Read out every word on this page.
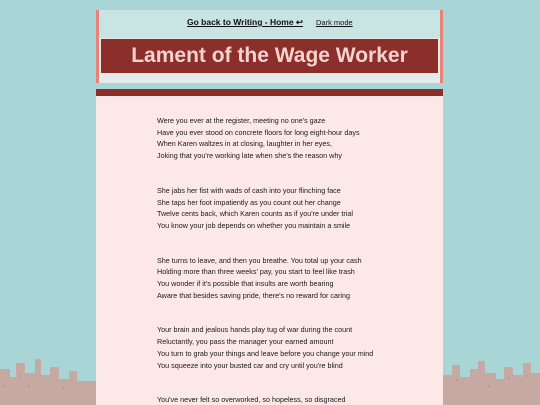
Go back to Writing - Home ↩ Dark mode
Lament of the Wage Worker
Were you ever at the register, meeting no one's gaze
Have you ever stood on concrete floors for long eight-hour days
When Karen waltzes in at closing, laughter in her eyes,
Joking that you're working late when she's the reason why
She jabs her fist with wads of cash into your flinching face
She taps her foot impatiently as you count out her change
Twelve cents back, which Karen counts as if you're under trial
You know your job depends on whether you maintain a smile
She turns to leave, and then you breathe. You total up your cash
Holding more than three weeks' pay, you start to feel like trash
You wonder if it's possible that insults are worth bearing
Aware that besides saving pride, there's no reward for caring
Your brain and jealous hands play tug of war during the count
Reluctantly, you pass the manager your earned amount
You turn to grab your things and leave before you change your mind
You squeeze into your busted car and cry until you're blind
You've never felt so overworked, so hopeless, so disgraced
